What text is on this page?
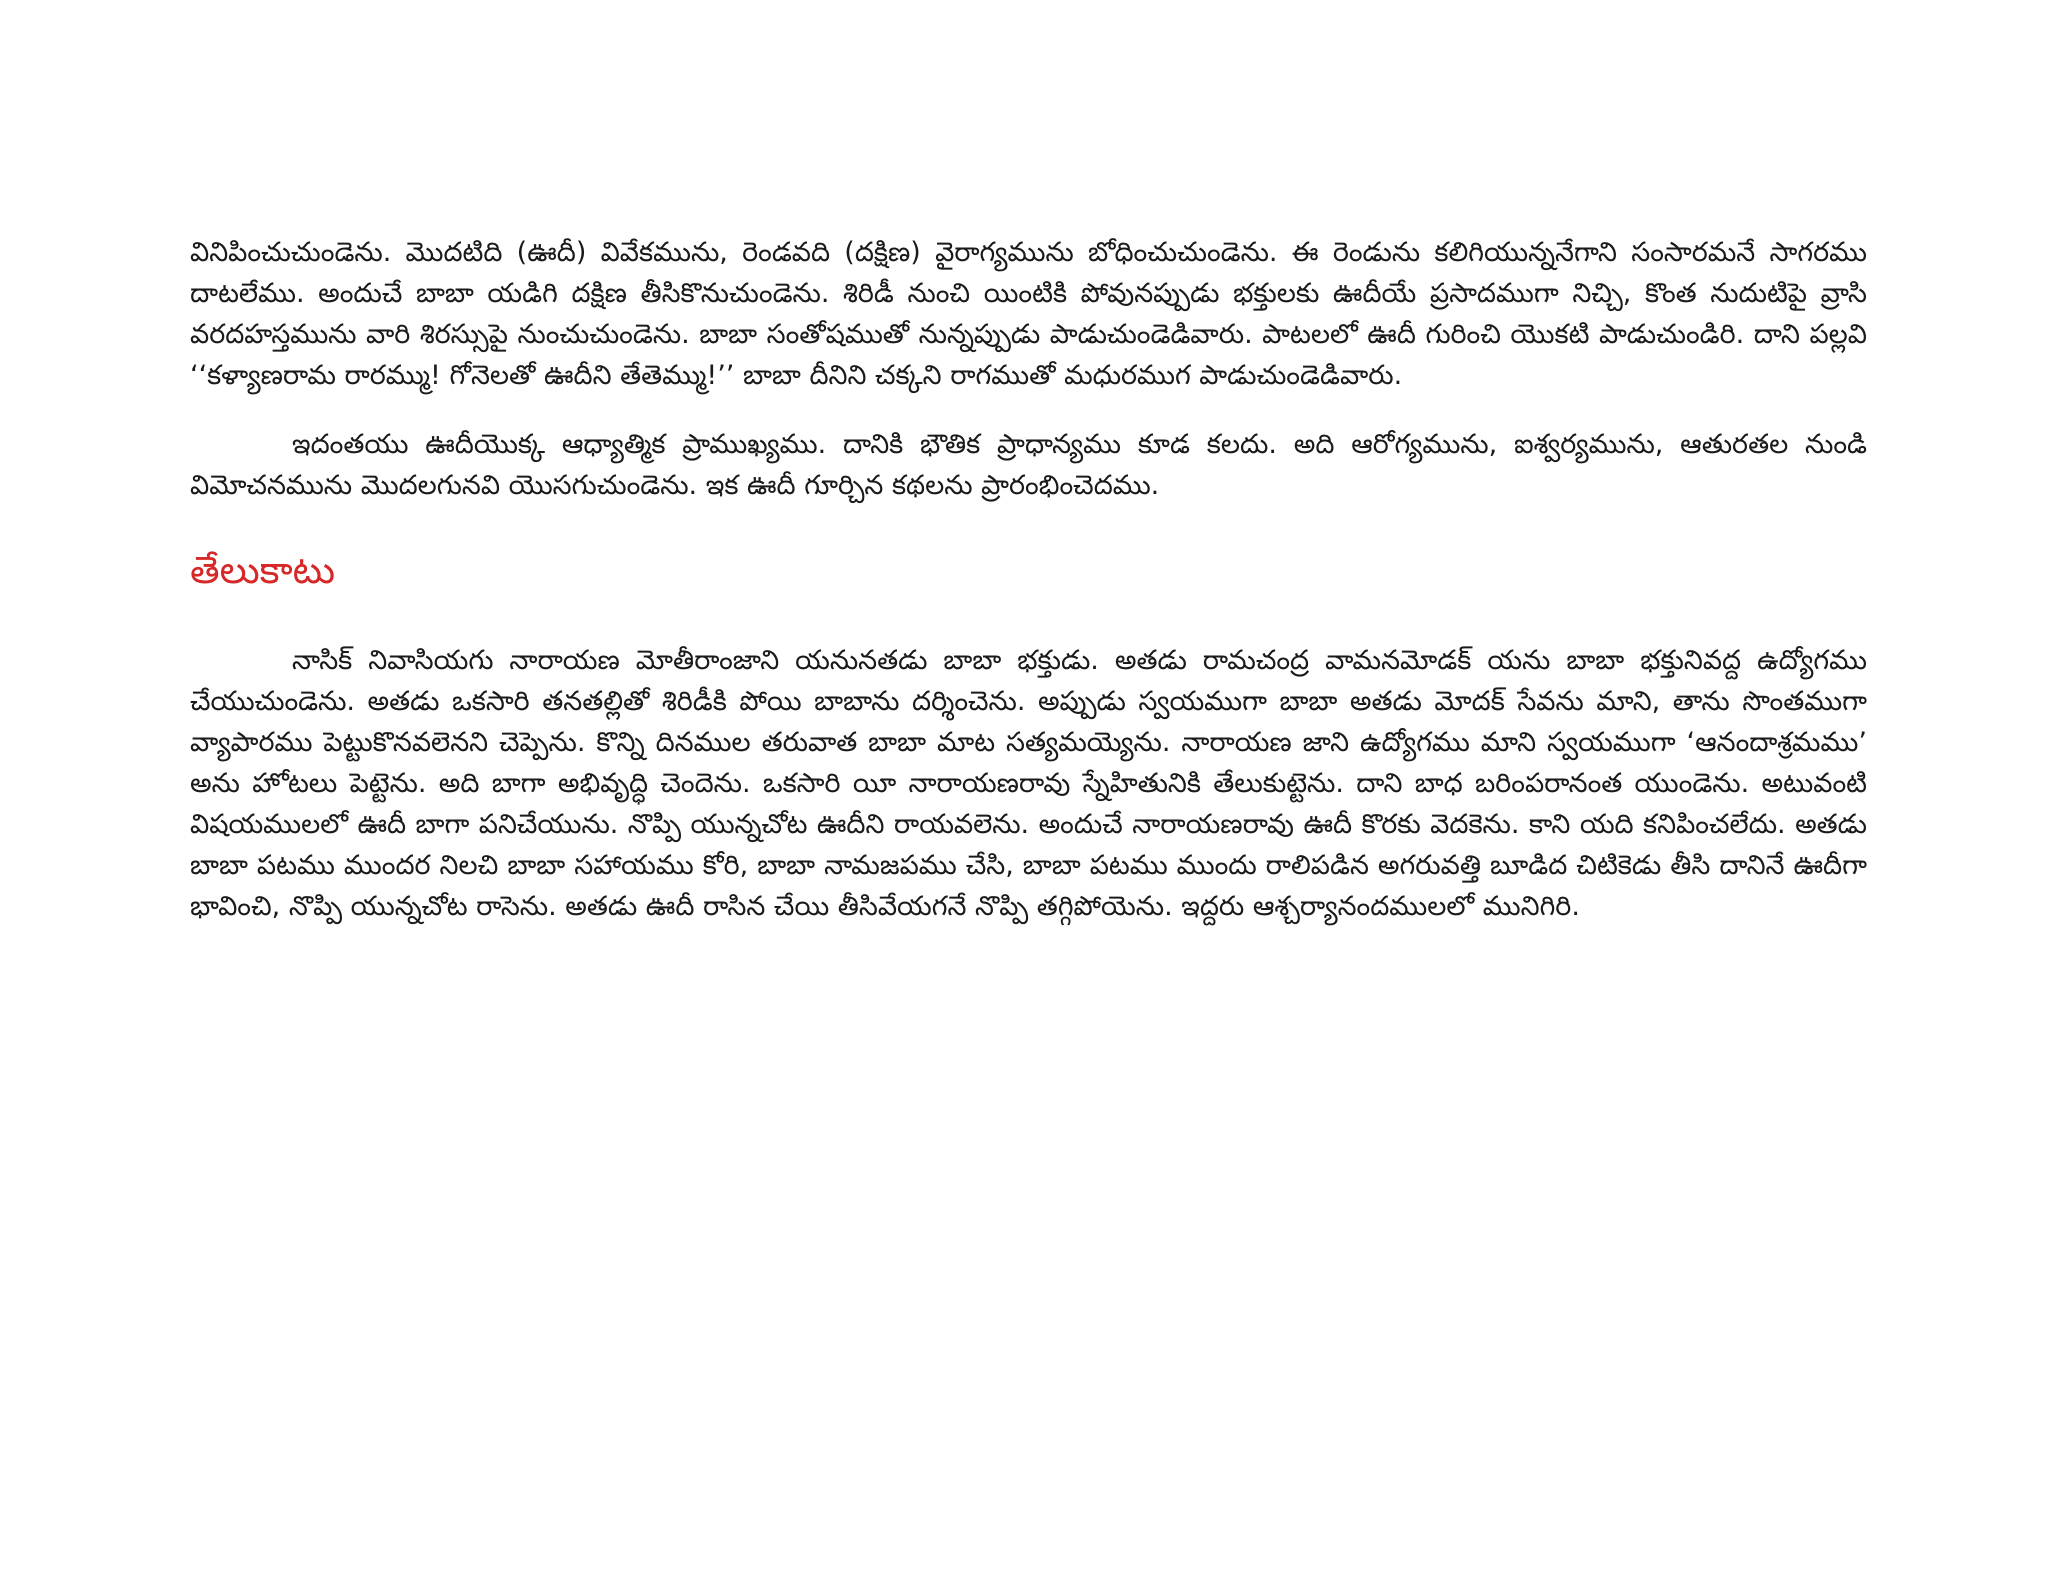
వినిపించుచుండెను. మొదటిది (ఊదీ) వివేకమును, రెండవది (దక్షిణ) వైరాగ్యమును బోధించుచుండెను. ఈ రెండును కలిగియున్ననేగాని సంసారమనే సాగరము దాటలేము. అందుచే బాబా యడిగి దక్షిణ తీసికొనుచుండెను. శిరిడీ నుంచి యింటికి పోవునప్పుడు భక్తులకు ఊదీయే ప్రసాదముగా నిచ్చి, కొంత నుదుటిపై వ్రాసి వరదహస్తమును వారి శిరస్సుపై నుంచుచుండెను. బాబా సంతోషముతో నున్నప్పుడు పాడుచుండెడివారు. పాటలలో ఊదీ గురించి యొకటి పాడుచుండిరి. దాని పల్లవి ‘‘కళ్యాణరామ రారమ్ము! గోనెలతో ఊదీని తేతెమ్ము!’’ బాబా దీనిని చక్కని రాగముతో మధురముగ పాడుచుండెడివారు.

ఇదంతయు ఊదీయొక్క ఆధ్యాత్మిక ప్రాముఖ్యము. దానికి భౌతిక ప్రాధాన్యము కూడ కలదు. అది ఆరోగ్యమును, ఐశ్వర్యమును, ఆతురతల నుండి విమోచనమును మొదలగునవి యొసగుచుండెను. ఇక ఊదీ గూర్చిన కథలను ప్రారంభించెదము.

తేలుకాటు

నాసిక్ నివాసియగు నారాయణ మోతీరాంజాని యనునతడు బాబా భక్తుడు. అతడు రామచంద్ర వామనమోడక్ యను బాబా భక్తునివద్ద ఉద్యోగము చేయుచుండెను. అతడు ఒకసారి తనతల్లితో శిరిడీకి పోయి బాబాను దర్శించెను. అప్పుడు స్వయముగా బాబా అతడు మోదక్ సేవను మాని, తాను సొంతముగా వ్యాపారము పెట్టుకొనవలెనని చెప్పెను. కొన్ని దినముల తరువాత బాబా మాట సత్యమయ్యెను. నారాయణ జాని ఉద్యోగము మాని స్వయముగా ‘ఆనందాశ్రమము’ అను హోటలు పెట్టెను. అది బాగా అభివృద్ధి చెందెను. ఒకసారి యీ నారాయణరావు స్నేహితునికి తేలుకుట్టెను. దాని బాధ బరింపరానంత యుండెను. అటువంటి విషయములలో ఊదీ బాగా పనిచేయును. నొప్పి యున్నచోట ఊదీని రాయవలెను. అందుచే నారాయణరావు ఊదీ కొరకు వెదకెను. కాని యది కనిపించలేదు. అతడు బాబా పటము ముందర నిలచి బాబా సహాయము కోరి, బాబా నామజపము చేసి, బాబా పటము ముందు రాలిపడిన అగరువత్తి బూడిద చిటికెడు తీసి దానినే ఊదీగా భావించి, నొప్పి యున్నచోట రాసెను. అతడు ఊదీ రాసిన చేయి తీసివేయగనే నొప్పి తగ్గిపోయెను. ఇద్దరు ఆశ్చర్యానందములలో మునిగిరి.
